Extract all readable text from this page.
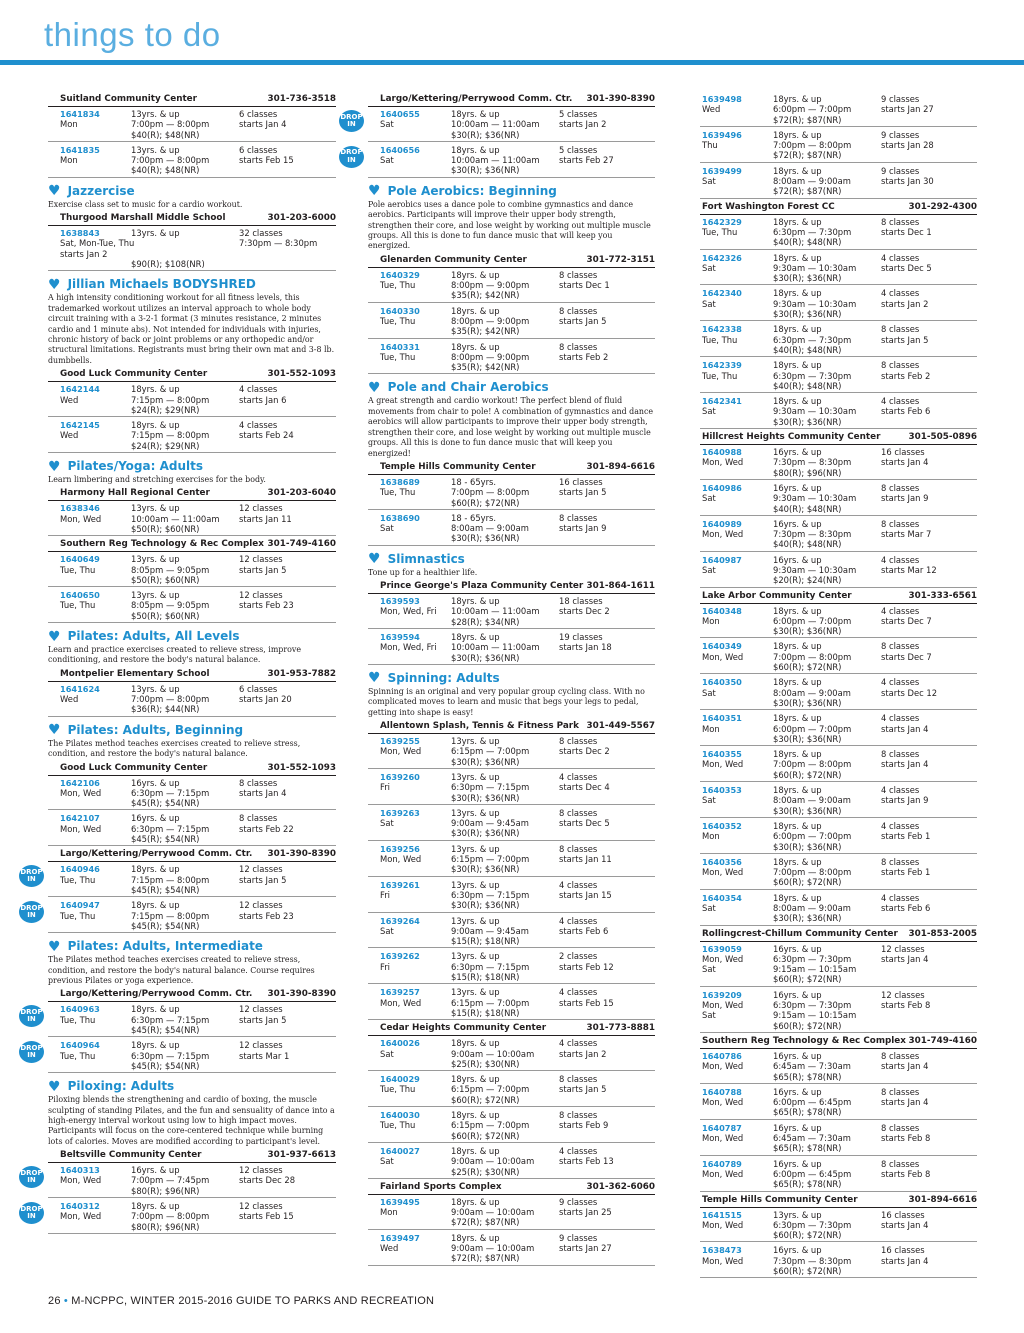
things to do
Suitland Community Center	301-736-3518
1641834	13yrs. & up	6 classes
Mon	7:00pm — 8:00pm	starts Jan 4
$40(R); $48(NR)
1641835	13yrs. & up	6 classes
Mon	7:00pm — 8:00pm	starts Feb 15
$40(R); $48(NR)
♥ Jazzercise
Exercise class set to music for a cardio workout.
Thurgood Marshall Middle School	301-203-6000
1638843	13yrs. & up	32 classes
Sat, Mon-Tue, Thu	7:30pm — 8:30pm
starts Jan 2
$90(R); $108(NR)
♥ Jillian Michaels BODYSHRED
A high intensity conditioning workout for all fitness levels, this trademarked workout utilizes an interval approach to whole body circuit training with a 3-2-1 format (3 minutes resistance, 2 minutes cardio and 1 minute abs). Not intended for individuals with injuries, chronic history of back or joint problems or any orthopedic and/or structural limitations. Registrants must bring their own mat and 3-8 lb. dumbbells.
Good Luck Community Center	301-552-1093
1642144	18yrs. & up	4 classes
Wed	7:15pm — 8:00pm	starts Jan 6
$24(R); $29(NR)
1642145	18yrs. & up	4 classes
Wed	7:15pm — 8:00pm	starts Feb 24
$24(R); $29(NR)
♥ Pilates/Yoga: Adults
Learn limbering and stretching exercises for the body.
Harmony Hall Regional Center	301-203-6040
1638346	13yrs. & up	12 classes
Mon, Wed	10:00am — 11:00am	starts Jan 11
$50(R); $60(NR)
Southern Reg Technology & Rec Complex 301-749-4160
1640649	13yrs. & up	12 classes
Tue, Thu	8:05pm — 9:05pm	starts Jan 5
$50(R); $60(NR)
1640650	13yrs. & up	12 classes
Tue, Thu	8:05pm — 9:05pm	starts Feb 23
$50(R); $60(NR)
♥ Pilates: Adults, All Levels
Learn and practice exercises created to relieve stress, improve conditioning, and restore the body's natural balance.
Montpelier Elementary School	301-953-7882
1641624	13yrs. & up	6 classes
Wed	7:00pm — 8:00pm	starts Jan 20
$36(R); $44(NR)
♥ Pilates: Adults, Beginning
The Pilates method teaches exercises created to relieve stress, condition, and restore the body's natural balance.
Good Luck Community Center	301-552-1093
1642106	16yrs. & up	8 classes
Mon, Wed	6:30pm — 7:15pm	starts Jan 4
$45(R); $54(NR)
1642107	16yrs. & up	8 classes
Mon, Wed	6:30pm — 7:15pm	starts Feb 22
$45(R); $54(NR)
Largo/Kettering/Perrywood Comm. Ctr. 301-390-8390
DROP
IN
1640946	18yrs. & up	12 classes
Tue, Thu	7:15pm — 8:00pm	starts Jan 5
$45(R); $54(NR)
DROP
IN
1640947	18yrs. & up	12 classes
Tue, Thu	7:15pm — 8:00pm	starts Feb 23
$45(R); $54(NR)
♥ Pilates: Adults, Intermediate
The Pilates method teaches exercises created to relieve stress, condition, and restore the body's natural balance. Course requires previous Pilates or yoga experience.
Largo/Kettering/Perrywood Comm. Ctr. 301-390-8390
DROP
IN
1640963	18yrs. & up	12 classes
Tue, Thu	6:30pm — 7:15pm	starts Jan 5
$45(R); $54(NR)
DROP
IN
1640964	18yrs. & up	12 classes
Tue, Thu	6:30pm — 7:15pm	starts Mar 1
$45(R); $54(NR)
♥ Piloxing: Adults
Piloxing blends the strengthening and cardio of boxing, the muscle sculpting of standing Pilates, and the fun and sensuality of dance into a high-energy interval workout using low to high impact moves. Participants will focus on the core-centered technique while burning lots of calories. Moves are modified according to participant's level.
Beltsville Community Center	301-937-6613
DROP
IN
1640313	16yrs. & up	12 classes
Mon, Wed	7:00pm — 7:45pm	starts Dec 28
$80(R); $96(NR)
DROP
IN
1640312	18yrs. & up	12 classes
Mon, Wed	7:00pm — 8:00pm	starts Feb 15
$80(R); $96(NR)
Largo/Kettering/Perrywood Comm. Ctr. 301-390-8390
DROP
IN
1640655	18yrs. & up	5 classes
Sat	10:00am — 11:00am	starts Jan 2
$30(R); $36(NR)
DROP
IN
1640656	18yrs. & up	5 classes
Sat	10:00am — 11:00am	starts Feb 27
$30(R); $36(NR)
♥ Pole Aerobics: Beginning
Pole aerobics uses a dance pole to combine gymnastics and dance aerobics. Participants will improve their upper body strength, strengthen their core, and lose weight by working out multiple muscle groups. All this is done to fun dance music that will keep you energized.
Glenarden Community Center	301-772-3151
1640329	18yrs. & up	8 classes
Tue, Thu	8:00pm — 9:00pm	starts Dec 1
$35(R); $42(NR)
1640330	18yrs. & up	8 classes
Tue, Thu	8:00pm — 9:00pm	starts Jan 5
$35(R); $42(NR)
1640331	18yrs. & up	8 classes
Tue, Thu	8:00pm — 9:00pm	starts Feb 2
$35(R); $42(NR)
♥ Pole and Chair Aerobics
A great strength and cardio workout! The perfect blend of fluid movements from chair to pole! A combination of gymnastics and dance aerobics will allow participants to improve their upper body strength, strengthen their core, and lose weight by working out multiple muscle groups. All this is done to fun dance music that will keep you energized!
Temple Hills Community Center	301-894-6616
1638689	18 - 65yrs.	16 classes
Tue, Thu	7:00pm — 8:00pm	starts Jan 5
$60(R); $72(NR)
1638690	18 - 65yrs.	8 classes
Sat	8:00am — 9:00am	starts Jan 9
$30(R); $36(NR)
♥ Slimnastics
Tone up for a healthier life.
Prince George's Plaza Community Center 301-864-1611
1639593	18yrs. & up	18 classes
Mon, Wed, Fri	10:00am — 11:00am	starts Dec 2
$28(R); $34(NR)
1639594	18yrs. & up	19 classes
Mon, Wed, Fri	10:00am — 11:00am	starts Jan 18
$30(R); $36(NR)
♥ Spinning: Adults
Spinning is an original and very popular group cycling class. With no complicated moves to learn and music that begs your legs to pedal, getting into shape is easy!
Allentown Splash, Tennis & Fitness Park 301-449-5567
1639255	13yrs. & up	8 classes
Mon, Wed	6:15pm — 7:00pm	starts Dec 2
$30(R); $36(NR)
1639260	13yrs. & up	4 classes
Fri	6:30pm — 7:15pm	starts Dec 4
$30(R); $36(NR)
1639263	13yrs. & up	8 classes
Sat	9:00am — 9:45am	starts Dec 5
$30(R); $36(NR)
1639256	13yrs. & up	8 classes
Mon, Wed	6:15pm — 7:00pm	starts Jan 11
$30(R); $36(NR)
1639261	13yrs. & up	4 classes
Fri	6:30pm — 7:15pm	starts Jan 15
$30(R); $36(NR)
1639264	13yrs. & up	4 classes
Sat	9:00am — 9:45am	starts Feb 6
$15(R); $18(NR)
1639262	13yrs. & up	2 classes
Fri	6:30pm — 7:15pm	starts Feb 12
$15(R); $18(NR)
1639257	13yrs. & up	4 classes
Mon, Wed	6:15pm — 7:00pm	starts Feb 15
$15(R); $18(NR)
Cedar Heights Community Center	301-773-8881
1640026	18yrs. & up	4 classes
Sat	9:00am — 10:00am	starts Jan 2
$25(R); $30(NR)
1640029	18yrs. & up	8 classes
Tue, Thu	6:15pm — 7:00pm	starts Jan 5
$60(R); $72(NR)
1640030	18yrs. & up	8 classes
Tue, Thu	6:15pm — 7:00pm	starts Feb 9
$60(R); $72(NR)
1640027	18yrs. & up	4 classes
Sat	9:00am — 10:00am	starts Feb 13
$25(R); $30(NR)
Fairland Sports Complex	301-362-6060
1639495	18yrs. & up	9 classes
Mon	9:00am — 10:00am	starts Jan 25
$72(R); $87(NR)
1639497	18yrs. & up	9 classes
Wed	9:00am — 10:00am	starts Jan 27
$72(R); $87(NR)
1639498	18yrs. & up	9 classes
Wed	6:00pm — 7:00pm	starts Jan 27
$72(R); $87(NR)
1639496	18yrs. & up	9 classes
Thu	7:00pm — 8:00pm	starts Jan 28
$72(R); $87(NR)
1639499	18yrs. & up	9 classes
Sat	8:00am — 9:00am	starts Jan 30
$72(R); $87(NR)
Fort Washington Forest CC	301-292-4300
1642329	18yrs. & up	8 classes
Tue, Thu	6:30pm — 7:30pm	starts Dec 1
$40(R); $48(NR)
1642326	18yrs. & up	4 classes
Sat	9:30am — 10:30am	starts Dec 5
$30(R); $36(NR)
1642340	18yrs. & up	4 classes
Sat	9:30am — 10:30am	starts Jan 2
$30(R); $36(NR)
1642338	18yrs. & up	8 classes
Tue, Thu	6:30pm — 7:30pm	starts Jan 5
$40(R); $48(NR)
1642339	18yrs. & up	8 classes
Tue, Thu	6:30pm — 7:30pm	starts Feb 2
$40(R); $48(NR)
1642341	18yrs. & up	4 classes
Sat	9:30am — 10:30am	starts Feb 6
$30(R); $36(NR)
Hillcrest Heights Community Center	301-505-0896
1640988	16yrs. & up	16 classes
Mon, Wed	7:30pm — 8:30pm	starts Jan 4
$80(R); $96(NR)
1640986	16yrs. & up	8 classes
Sat	9:30am — 10:30am	starts Jan 9
$40(R); $48(NR)
1640989	16yrs. & up	8 classes
Mon, Wed	7:30pm — 8:30pm	starts Mar 7
$40(R); $48(NR)
1640987	16yrs. & up	4 classes
Sat	9:30am — 10:30am	starts Mar 12
$20(R); $24(NR)
Lake Arbor Community Center	301-333-6561
1640348	18yrs. & up	4 classes
Mon	6:00pm — 7:00pm	starts Dec 7
$30(R); $36(NR)
1640349	18yrs. & up	8 classes
Mon, Wed	7:00pm — 8:00pm	starts Dec 7
$60(R); $72(NR)
1640350	18yrs. & up	4 classes
Sat	8:00am — 9:00am	starts Dec 12
$30(R); $36(NR)
1640351	18yrs. & up	4 classes
Mon	6:00pm — 7:00pm	starts Jan 4
$30(R); $36(NR)
1640355	18yrs. & up	8 classes
Mon, Wed	7:00pm — 8:00pm	starts Jan 4
$60(R); $72(NR)
1640353	18yrs. & up	4 classes
Sat	8:00am — 9:00am	starts Jan 9
$30(R); $36(NR)
1640352	18yrs. & up	4 classes
Mon	6:00pm — 7:00pm	starts Feb 1
$30(R); $36(NR)
1640356	18yrs. & up	8 classes
Mon, Wed	7:00pm — 8:00pm	starts Feb 1
$60(R); $72(NR)
1640354	18yrs. & up	4 classes
Sat	8:00am — 9:00am	starts Feb 6
$30(R); $36(NR)
Rollingcrest-Chillum Community Center 301-853-2005
1639059	16yrs. & up	12 classes
Mon, Wed	6:30pm — 7:30pm	starts Jan 4
Sat	9:15am — 10:15am
$60(R); $72(NR)
1639209	16yrs. & up	12 classes
Mon, Wed	6:30pm — 7:30pm	starts Feb 8
Sat	9:15am — 10:15am
$60(R); $72(NR)
Southern Reg Technology & Rec Complex 301-749-4160
1640786	16yrs. & up	8 classes
Mon, Wed	6:45am — 7:30am	starts Jan 4
$65(R); $78(NR)
1640788	16yrs. & up	8 classes
Mon, Wed	6:00pm — 6:45pm	starts Jan 4
$65(R); $78(NR)
1640787	16yrs. & up	8 classes
Mon, Wed	6:45am — 7:30am	starts Feb 8
$65(R); $78(NR)
1640789	16yrs. & up	8 classes
Mon, Wed	6:00pm — 6:45pm	starts Feb 8
$65(R); $78(NR)
Temple Hills Community Center	301-894-6616
1641515	13yrs. & up	16 classes
Mon, Wed	6:30pm — 7:30pm	starts Jan 4
$60(R); $72(NR)
1638473	16yrs. & up	16 classes
Mon, Wed	7:30pm — 8:30pm	starts Jan 4
$60(R); $72(NR)
26 • M-NCPPC, WINTER 2015-2016 GUIDE TO PARKS AND RECREATION
